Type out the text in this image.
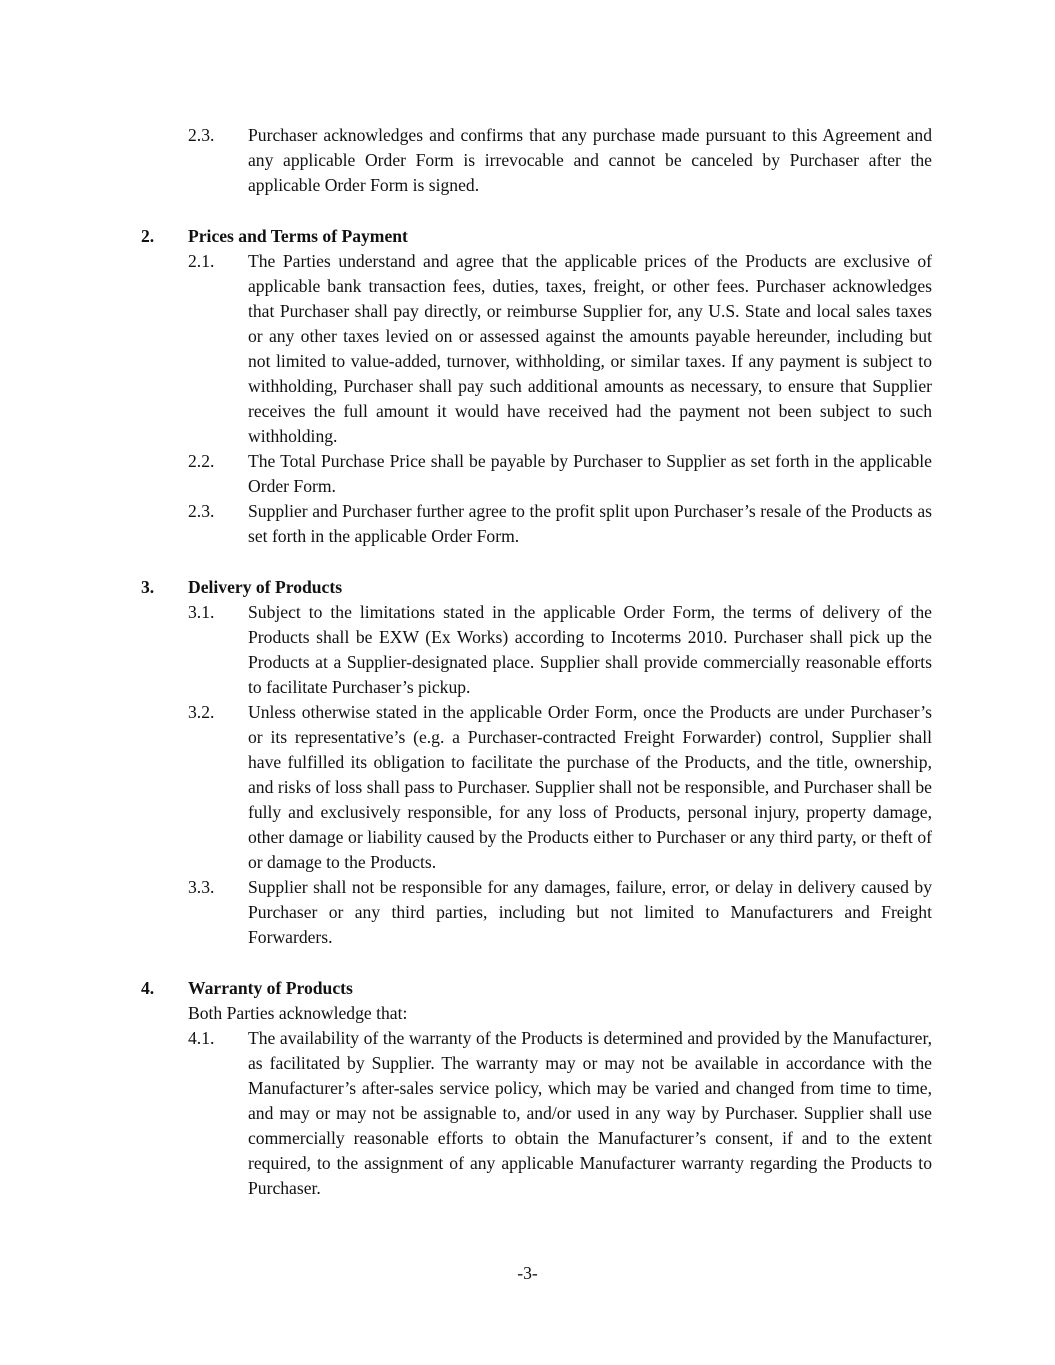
2.3.	Purchaser acknowledges and confirms that any purchase made pursuant to this Agreement and any applicable Order Form is irrevocable and cannot be canceled by Purchaser after the applicable Order Form is signed.
2.	Prices and Terms of Payment
2.1.	The Parties understand and agree that the applicable prices of the Products are exclusive of applicable bank transaction fees, duties, taxes, freight, or other fees. Purchaser acknowledges that Purchaser shall pay directly, or reimburse Supplier for, any U.S. State and local sales taxes or any other taxes levied on or assessed against the amounts payable hereunder, including but not limited to value-added, turnover, withholding, or similar taxes. If any payment is subject to withholding, Purchaser shall pay such additional amounts as necessary, to ensure that Supplier receives the full amount it would have received had the payment not been subject to such withholding.
2.2.	The Total Purchase Price shall be payable by Purchaser to Supplier as set forth in the applicable Order Form.
2.3.	Supplier and Purchaser further agree to the profit split upon Purchaser’s resale of the Products as set forth in the applicable Order Form.
3.	Delivery of Products
3.1.	Subject to the limitations stated in the applicable Order Form, the terms of delivery of the Products shall be EXW (Ex Works) according to Incoterms 2010. Purchaser shall pick up the Products at a Supplier-designated place. Supplier shall provide commercially reasonable efforts to facilitate Purchaser’s pickup.
3.2.	Unless otherwise stated in the applicable Order Form, once the Products are under Purchaser’s or its representative’s (e.g. a Purchaser-contracted Freight Forwarder) control, Supplier shall have fulfilled its obligation to facilitate the purchase of the Products, and the title, ownership, and risks of loss shall pass to Purchaser. Supplier shall not be responsible, and Purchaser shall be fully and exclusively responsible, for any loss of Products, personal injury, property damage, other damage or liability caused by the Products either to Purchaser or any third party, or theft of or damage to the Products.
3.3.	Supplier shall not be responsible for any damages, failure, error, or delay in delivery caused by Purchaser or any third parties, including but not limited to Manufacturers and Freight Forwarders.
4.	Warranty of Products
Both Parties acknowledge that:
4.1.	The availability of the warranty of the Products is determined and provided by the Manufacturer, as facilitated by Supplier. The warranty may or may not be available in accordance with the Manufacturer’s after-sales service policy, which may be varied and changed from time to time, and may or may not be assignable to, and/or used in any way by Purchaser. Supplier shall use commercially reasonable efforts to obtain the Manufacturer’s consent, if and to the extent required, to the assignment of any applicable Manufacturer warranty regarding the Products to Purchaser.
-3-
